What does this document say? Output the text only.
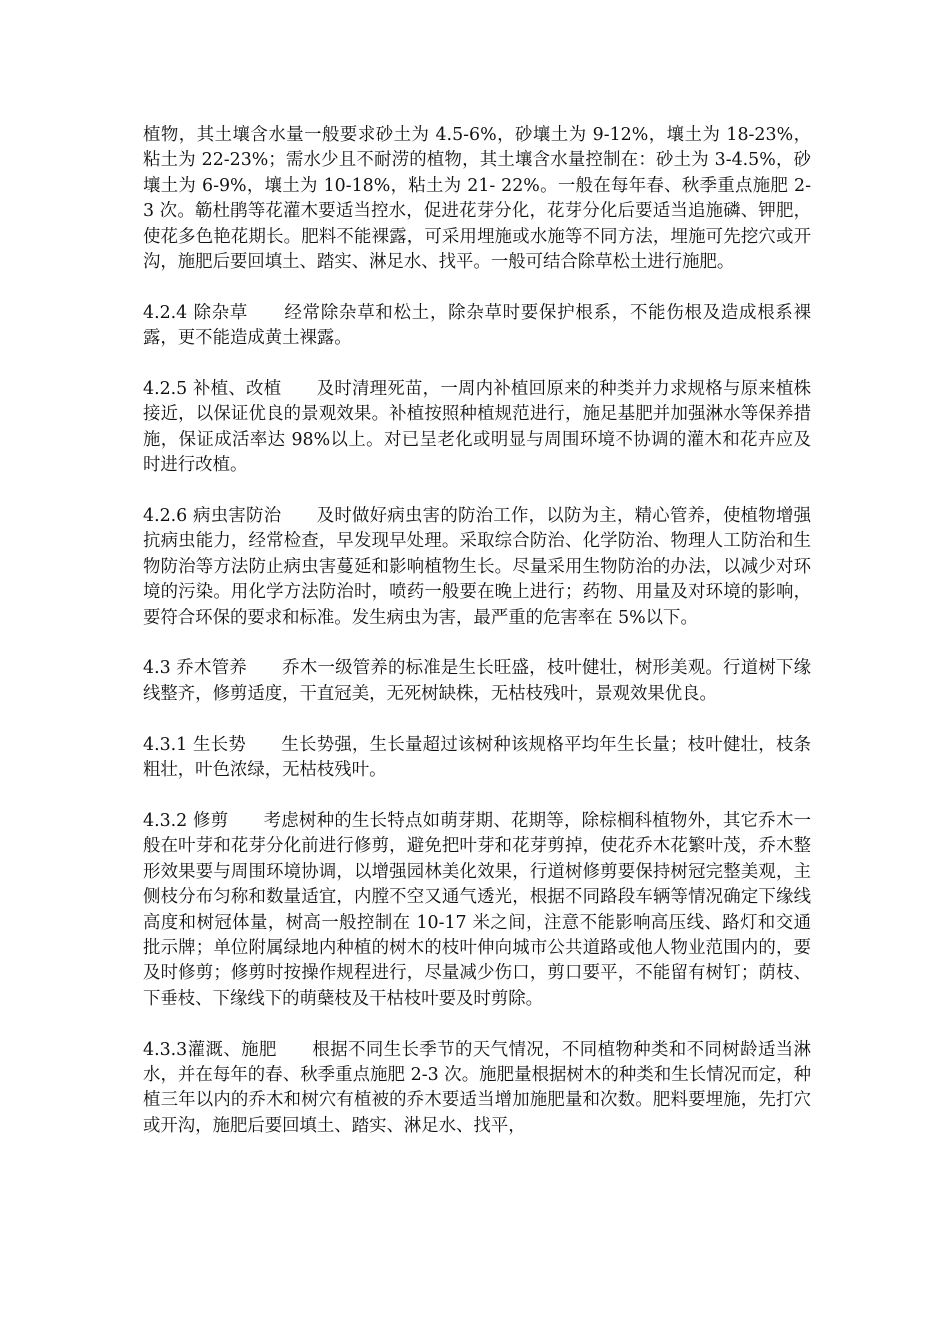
植物，其土壤含水量一般要求砂土为 4.5-6%，砂壤土为 9-12%，壤土为 18-23%，粘土为 22-23%；需水少且不耐涝的植物，其土壤含水量控制在：砂土为 3-4.5%，砂壤土为 6-9%，壤土为 10-18%，粘土为 21- 22%。一般在每年春、秋季重点施肥 2-3 次。簕杜鹃等花灌木要适当控水，促进花芽分化，花芽分化后要适当追施磷、钾肥，使花多色艳花期长。肥料不能裸露，可采用埋施或水施等不同方法，埋施可先挖穴或开沟，施肥后要回填土、踏实、淋足水、找平。一般可结合除草松土进行施肥。

4.2.4 除杂草　　经常除杂草和松土，除杂草时要保护根系，不能伤根及造成根系裸露，更不能造成黄土裸露。

4.2.5 补植、改植　　及时清理死苗，一周内补植回原来的种类并力求规格与原来植株接近，以保证优良的景观效果。补植按照种植规范进行，施足基肥并加强淋水等保养措施，保证成活率达 98%以上。对已呈老化或明显与周围环境不协调的灌木和花卉应及时进行改植。

4.2.6 病虫害防治　　及时做好病虫害的防治工作，以防为主，精心管养，使植物增强抗病虫能力，经常检查，早发现早处理。采取综合防治、化学防治、物理人工防治和生物防治等方法防止病虫害蔓延和影响植物生长。尽量采用生物防治的办法，以减少对环境的污染。用化学方法防治时，喷药一般要在晚上进行；药物、用量及对环境的影响，要符合环保的要求和标准。发生病虫为害，最严重的危害率在 5%以下。

4.3 乔木管养　　乔木一级管养的标准是生长旺盛，枝叶健壮，树形美观。行道树下缘线整齐，修剪适度，干直冠美，无死树缺株，无枯枝残叶，景观效果优良。

4.3.1 生长势　　生长势强，生长量超过该树种该规格平均年生长量；枝叶健壮，枝条粗壮，叶色浓绿，无枯枝残叶。

4.3.2 修剪　　考虑树种的生长特点如萌芽期、花期等，除棕榈科植物外，其它乔木一般在叶芽和花芽分化前进行修剪，避免把叶芽和花芽剪掉，使花乔木花繁叶茂，乔木整形效果要与周围环境协调，以增强园林美化效果，行道树修剪要保持树冠完整美观，主侧枝分布匀称和数量适宜，内膛不空又通气透光，根据不同路段车辆等情况确定下缘线高度和树冠体量，树高一般控制在 10-17 米之间，注意不能影响高压线、路灯和交通批示牌；单位附属绿地内种植的树木的枝叶伸向城市公共道路或他人物业范围内的，要及时修剪；修剪时按操作规程进行，尽量减少伤口，剪口要平，不能留有树钉；荫枝、下垂枝、下缘线下的萌蘖枝及干枯枝叶要及时剪除。

4.3.3灌溉、施肥　　根据不同生长季节的天气情况，不同植物种类和不同树龄适当淋水，并在每年的春、秋季重点施肥 2-3 次。施肥量根据树木的种类和生长情况而定，种植三年以内的乔木和树穴有植被的乔木要适当增加施肥量和次数。肥料要埋施，先打穴或开沟，施肥后要回填土、踏实、淋足水、找平，
